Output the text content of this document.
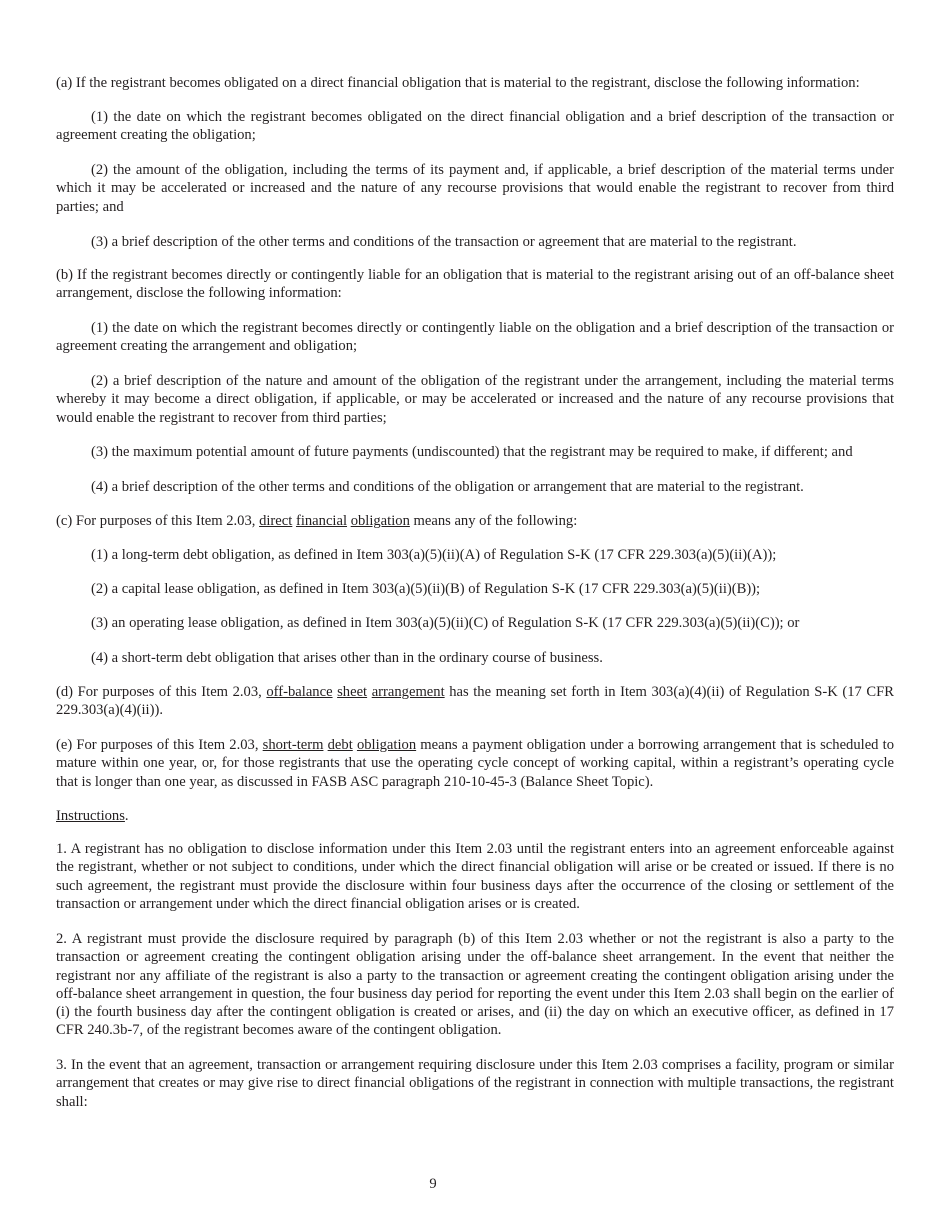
(a) If the registrant becomes obligated on a direct financial obligation that is material to the registrant, disclose the following information:

(1) the date on which the registrant becomes obligated on the direct financial obligation and a brief description of the transaction or agreement creating the obligation;

(2) the amount of the obligation, including the terms of its payment and, if applicable, a brief description of the material terms under which it may be accelerated or increased and the nature of any recourse provisions that would enable the registrant to recover from third parties; and

(3) a brief description of the other terms and conditions of the transaction or agreement that are material to the registrant.

(b) If the registrant becomes directly or contingently liable for an obligation that is material to the registrant arising out of an off-balance sheet arrangement, disclose the following information:

(1) the date on which the registrant becomes directly or contingently liable on the obligation and a brief description of the transaction or agreement creating the arrangement and obligation;

(2) a brief description of the nature and amount of the obligation of the registrant under the arrangement, including the material terms whereby it may become a direct obligation, if applicable, or may be accelerated or increased and the nature of any recourse provisions that would enable the registrant to recover from third parties;

(3) the maximum potential amount of future payments (undiscounted) that the registrant may be required to make, if different; and

(4) a brief description of the other terms and conditions of the obligation or arrangement that are material to the registrant.

(c) For purposes of this Item 2.03, direct financial obligation means any of the following:

(1) a long-term debt obligation, as defined in Item 303(a)(5)(ii)(A) of Regulation S-K (17 CFR 229.303(a)(5)(ii)(A));

(2) a capital lease obligation, as defined in Item 303(a)(5)(ii)(B) of Regulation S-K (17 CFR 229.303(a)(5)(ii)(B));

(3) an operating lease obligation, as defined in Item 303(a)(5)(ii)(C) of Regulation S-K (17 CFR 229.303(a)(5)(ii)(C)); or

(4) a short-term debt obligation that arises other than in the ordinary course of business.

(d) For purposes of this Item 2.03, off-balance sheet arrangement has the meaning set forth in Item 303(a)(4)(ii) of Regulation S-K (17 CFR 229.303(a)(4)(ii)).

(e) For purposes of this Item 2.03, short-term debt obligation means a payment obligation under a borrowing arrangement that is scheduled to mature within one year, or, for those registrants that use the operating cycle concept of working capital, within a registrant’s operating cycle that is longer than one year, as discussed in FASB ASC paragraph 210-10-45-3 (Balance Sheet Topic).

Instructions.

1. A registrant has no obligation to disclose information under this Item 2.03 until the registrant enters into an agreement enforceable against the registrant, whether or not subject to conditions, under which the direct financial obligation will arise or be created or issued. If there is no such agreement, the registrant must provide the disclosure within four business days after the occurrence of the closing or settlement of the transaction or arrangement under which the direct financial obligation arises or is created.

2. A registrant must provide the disclosure required by paragraph (b) of this Item 2.03 whether or not the registrant is also a party to the transaction or agreement creating the contingent obligation arising under the off-balance sheet arrangement. In the event that neither the registrant nor any affiliate of the registrant is also a party to the transaction or agreement creating the contingent obligation arising under the off-balance sheet arrangement in question, the four business day period for reporting the event under this Item 2.03 shall begin on the earlier of (i) the fourth business day after the contingent obligation is created or arises, and (ii) the day on which an executive officer, as defined in 17 CFR 240.3b-7, of the registrant becomes aware of the contingent obligation.

3. In the event that an agreement, transaction or arrangement requiring disclosure under this Item 2.03 comprises a facility, program or similar arrangement that creates or may give rise to direct financial obligations of the registrant in connection with multiple transactions, the registrant shall:

9
